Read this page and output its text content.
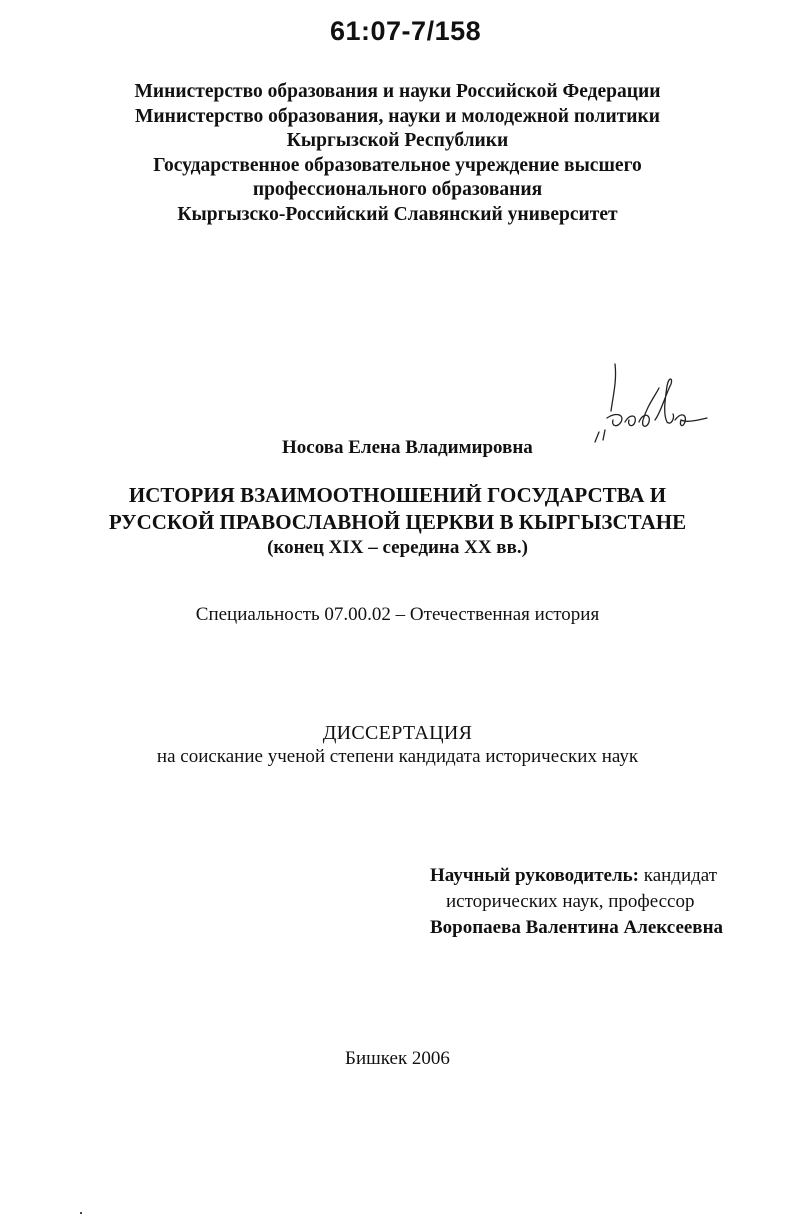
61:07-7/158
Министерство образования и науки Российской Федерации
Министерство образования, науки и молодежной политики
Кыргызской Республики
Государственное образовательное учреждение высшего
профессионального образования
Кыргызско-Российский Славянский университет
Носова Елена Владимировна
Носова
ИСТОРИЯ ВЗАИМООТНОШЕНИЙ ГОСУДАРСТВА И
РУССКОЙ ПРАВОСЛАВНОЙ ЦЕРКВИ В КЫРГЫЗСТАНЕ
(конец XIX – середина XX вв.)
Специальность 07.00.02 – Отечественная история
ДИССЕРТАЦИЯ
на соискание ученой степени кандидата исторических наук
Научный руководитель: кандидат
исторических наук, профессор
Воропаева Валентина Алексеевна
Бишкек 2006
